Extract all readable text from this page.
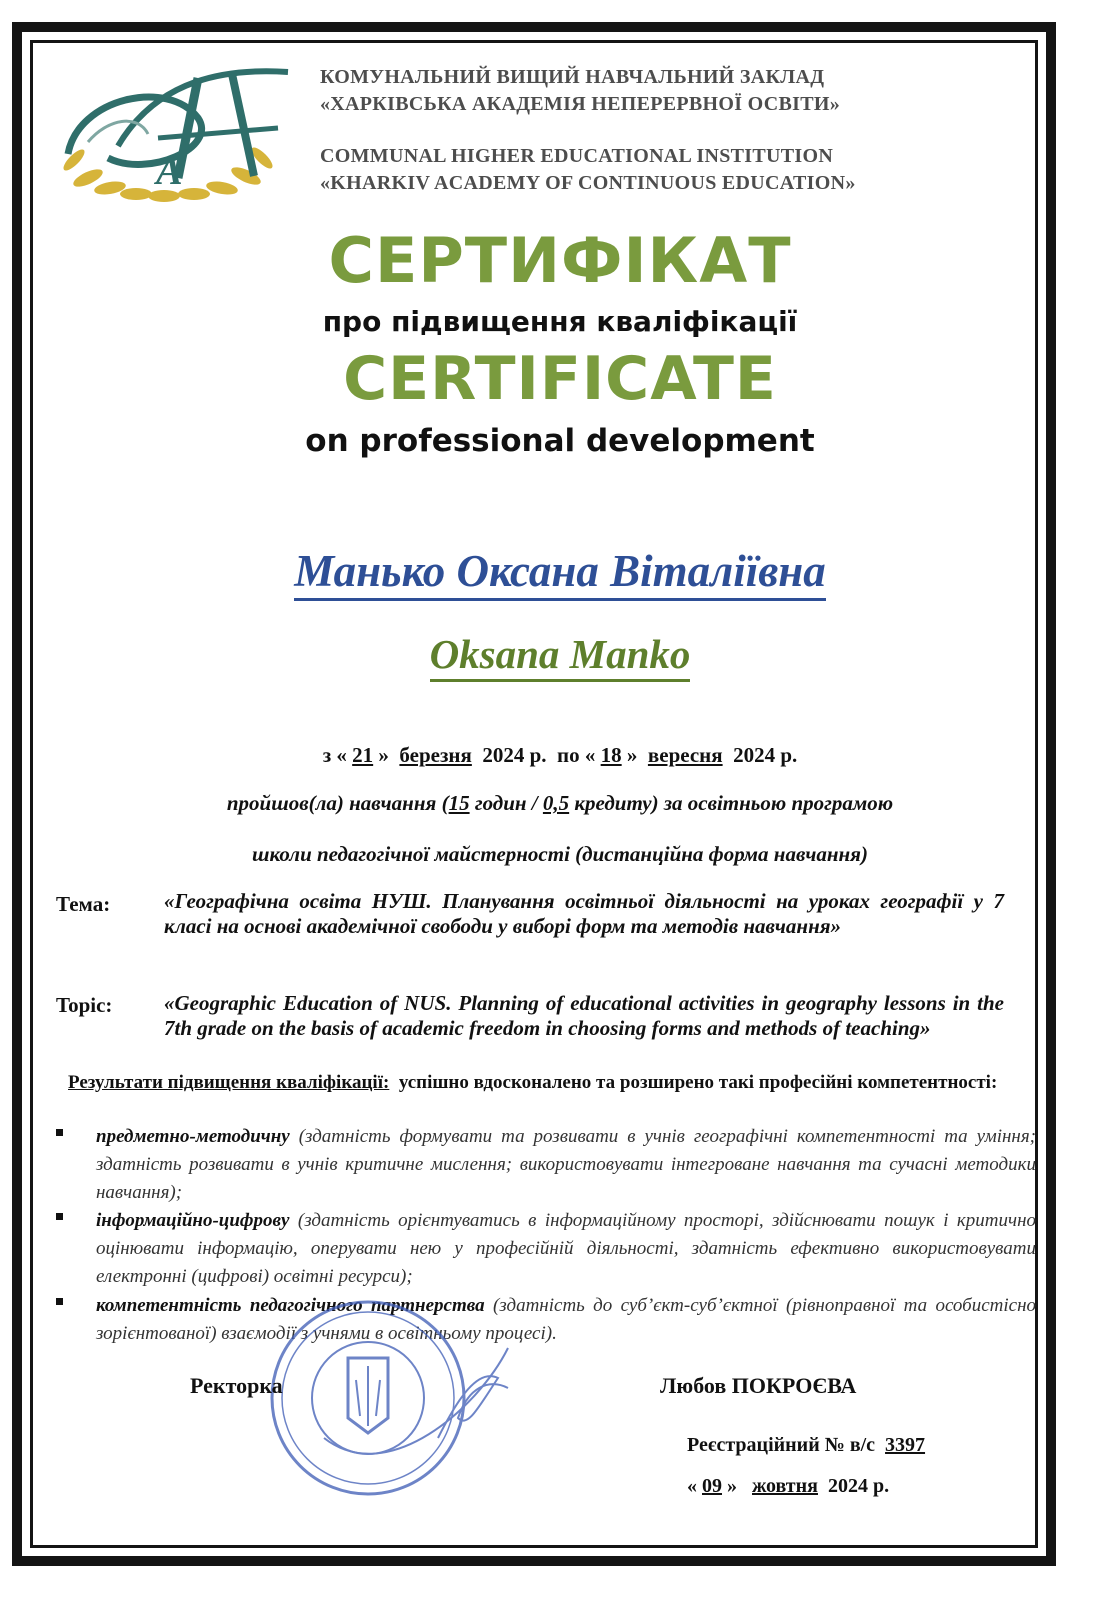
А
КОМУНАЛЬНИЙ ВИЩИЙ НАВЧАЛЬНИЙ ЗАКЛАД
«ХАРКІВСЬКА АКАДЕМІЯ НЕПЕРЕРВНОЇ ОСВІТИ»
COMMUNAL HIGHER EDUCATIONAL INSTITUTION
«KHARKIV ACADEMY OF CONTINUOUS EDUCATION»
СЕРТИФІКАТ
про підвищення кваліфікації
CERTIFICATE
on professional development
Манько Оксана Віталіївна
Oksana Manko
з « 21 » березня 2024 р. по « 18 » вересня 2024 р.
пройшов(ла) навчання (15 годин / 0,5 кредиту) за освітньою програмою
школи педагогічної майстерності (дистанційна форма навчання)
Тема:	«Географічна освіта НУШ. Планування освітньої діяльності на уроках географії у 7 класі на основі академічної свободи у виборі форм та методів навчання»
Topic: «Geographic Education of NUS. Planning of educational activities in geography lessons in the 7th grade on the basis of academic freedom in choosing forms and methods of teaching»
Результати підвищення кваліфікації: успішно вдосконалено та розширено такі професійні компетентності:
предметно-методичну (здатність формувати та розвивати в учнів географічні компетентності та уміння; здатність розвивати в учнів критичне мислення; використовувати інтегроване навчання та сучасні методики навчання);
інформаційно-цифрову (здатність орієнтуватись в інформаційному просторі, здійснювати пошук і критично оцінювати інформацію, оперувати нею у професійній діяльності, здатність ефективно використовувати електронні (цифрові) освітні ресурси);
компетентність педагогічного партнерства (здатність до суб’єкт-суб’єктної (рівноправної та особистісно зорієнтованої) взаємодії з учнями в освітньому процесі).
Ректорка	Любов ПОКРОЄВА
Реєстраційний № в/с 3397
« 09 » жовтня 2024 р.
